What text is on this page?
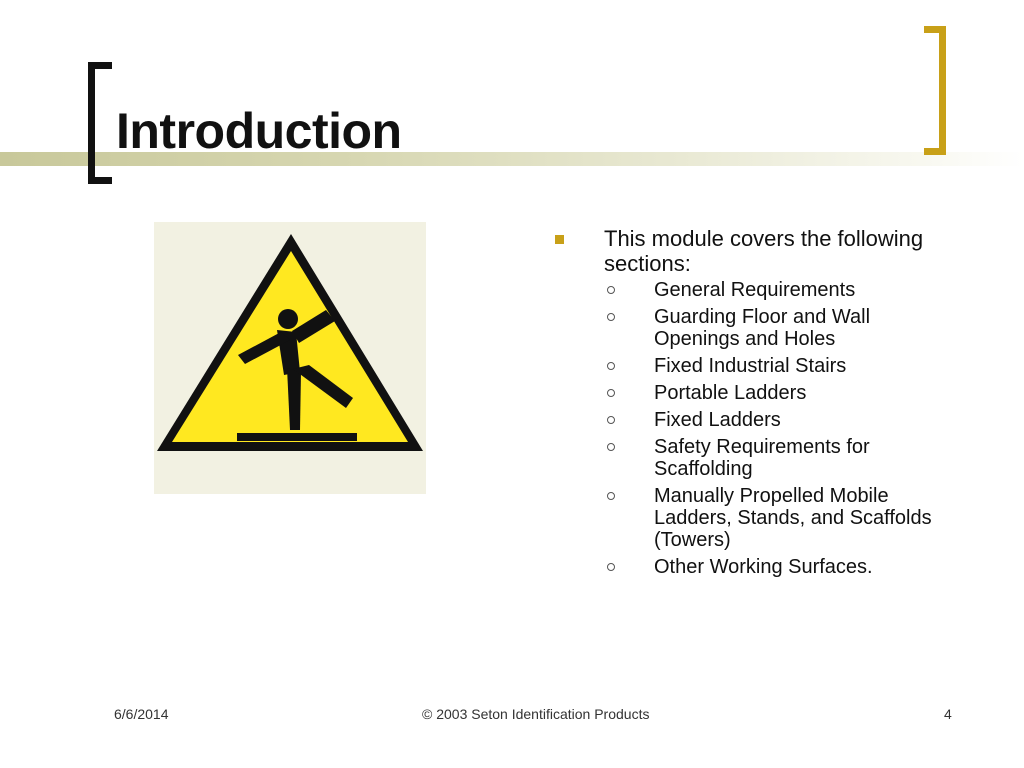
Introduction
This module covers the following sections:
General Requirements
Guarding Floor and Wall Openings and Holes
Fixed Industrial Stairs
Portable Ladders
Fixed Ladders
Safety Requirements for Scaffolding
Manually Propelled Mobile Ladders, Stands, and Scaffolds (Towers)
Other Working Surfaces.
6/6/2014	© 2003 Seton Identification Products	4
